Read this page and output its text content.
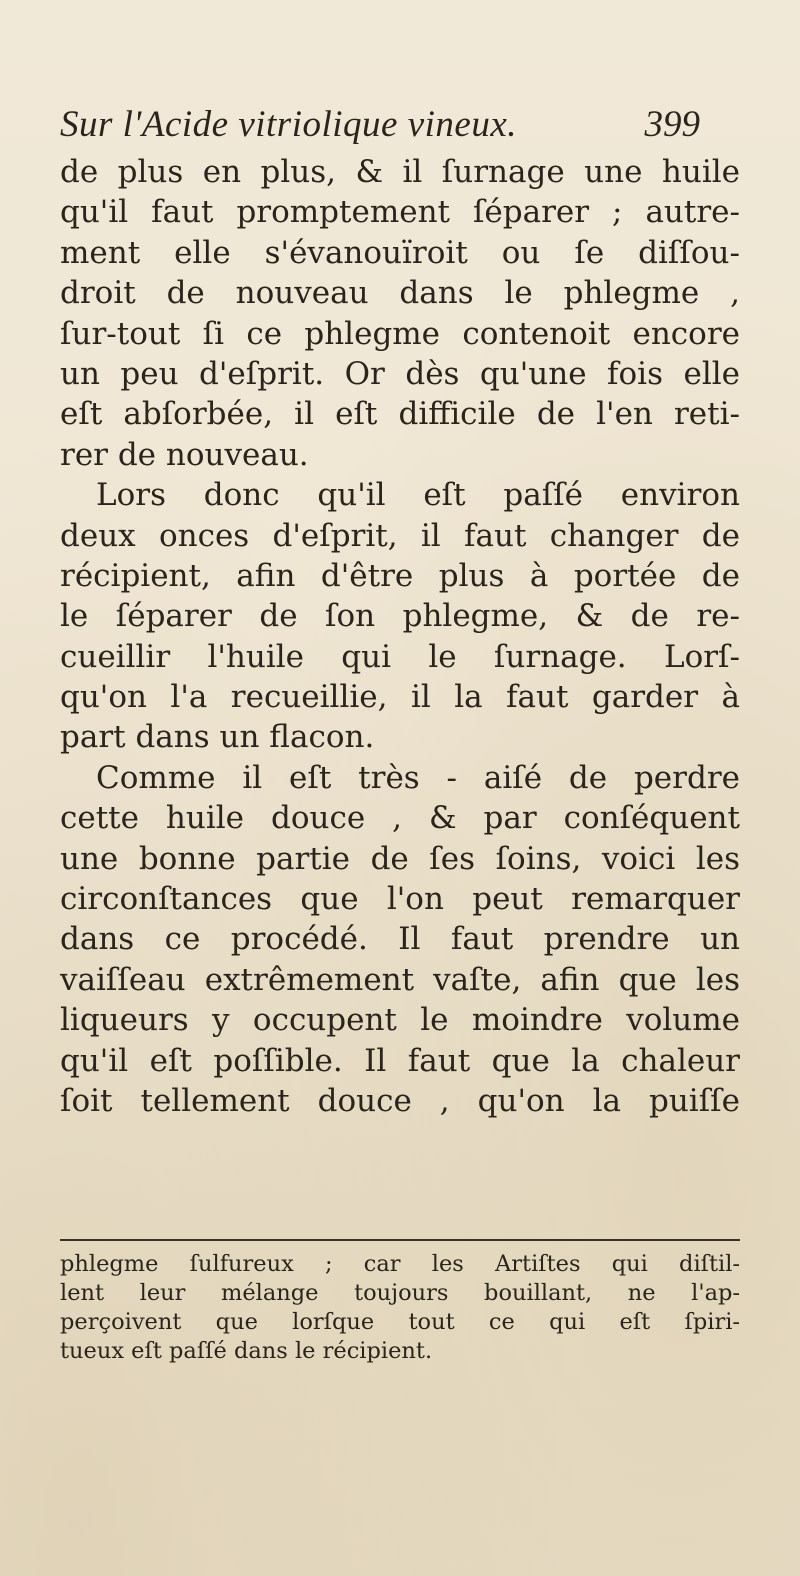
Sur l'Acide vitriolique vineux.	399
de plus en plus, & il ſurnage une huile
qu'il faut promptement ſéparer ; autre-
ment elle s'évanouïroit ou ſe diſſou-
droit de nouveau dans le phlegme ,
ſur-tout ſi ce phlegme contenoit encore
un peu d'eſprit. Or dès qu'une fois elle
eſt abſorbée, il eſt difficile de l'en reti-
rer de nouveau.
Lors donc qu'il eſt paſſé environ
deux onces d'eſprit, il faut changer de
récipient, afin d'être plus à portée de
le ſéparer de ſon phlegme, & de re-
cueillir l'huile qui le ſurnage. Lorſ-
qu'on l'a recueillie, il la faut garder à
part dans un flacon.
Comme il eſt très - aiſé de perdre
cette huile douce , & par conſéquent
une bonne partie de ſes ſoins, voici les
circonſtances que l'on peut remarquer
dans ce procédé. Il faut prendre un
vaiſſeau extrêmement vaſte, afin que les
liqueurs y occupent le moindre volume
qu'il eſt poſſible. Il faut que la chaleur
ſoit tellement douce , qu'on la puiſſe
phlegme ſulfureux ; car les Artiſtes qui diſtil-
lent leur mélange toujours bouillant, ne l'ap-
perçoivent que lorſque tout ce qui eſt ſpiri-
tueux eſt paſſé dans le récipient.
